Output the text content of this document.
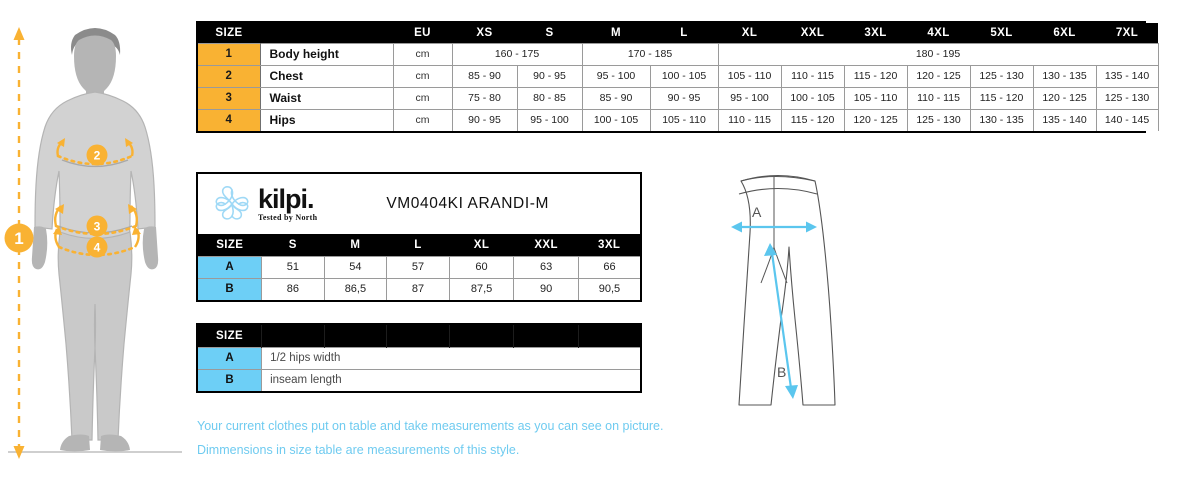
2
3
4
1
SIZE		EU	XS	S	M	L	XL	XXL	3XL	4XL	5XL	6XL	7XL
1	Body height	cm	160 - 175		170 - 185		180 - 195						
2	Chest	cm	85 - 90	90 - 95	95 - 100	100 - 105	105 - 110	110 - 115	115 - 120	120 - 125	125 - 130	130 - 135	135 - 140
3	Waist	cm	75 - 80	80 - 85	85 - 90	90 - 95	95 - 100	100 - 105	105 - 110	110 - 115	115 - 120	120 - 125	125 - 130
4	Hips	cm	90 - 95	95 - 100	100 - 105	105 - 110	110 - 115	115 - 120	120 - 125	125 - 130	130 - 135	135 - 140	140 - 145
kilpi.
Tested by North
VM0404KI ARANDI-M
SIZE	S	M	L	XL	XXL	3XL
A	51	54	57	60	63	66
B	86	86,5	87	87,5	90	90,5
SIZE						
A	1/2 hips width					
B	inseam length					
Your current clothes put on table and take measurements as you can see on picture.
Dimmensions in size table are measurements of this style.
A
B
